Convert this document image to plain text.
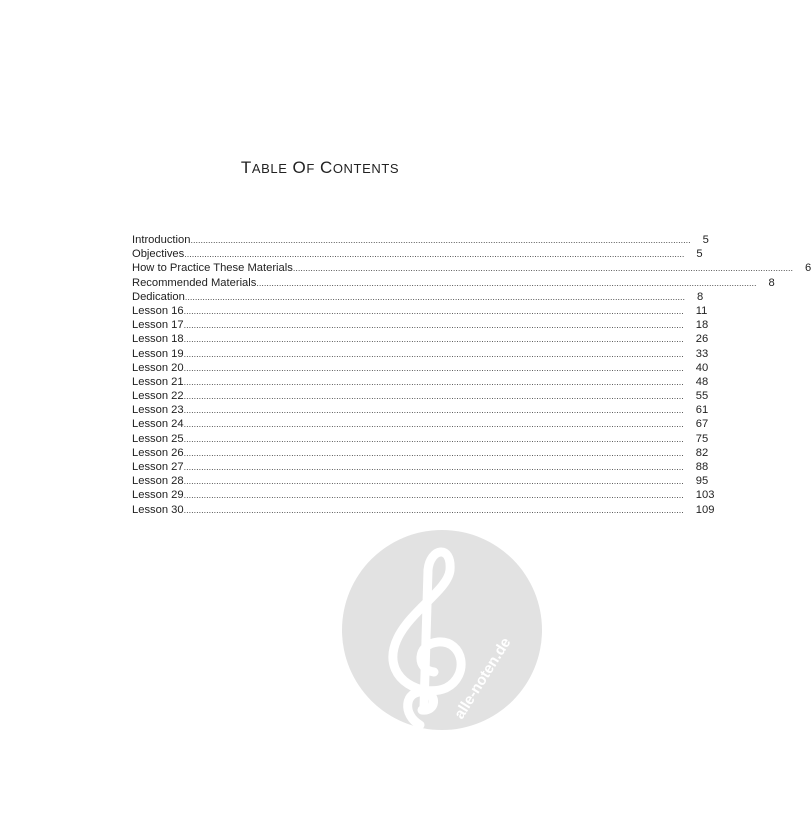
TABLE OF CONTENTS
Introduction ........................................................................................................................................................................................................	5
Objectives ........................................................................................................................................................................................................	5
How to Practice These Materials ........................................................................................................................................................................................................	6
Recommended Materials ........................................................................................................................................................................................................	8
Dedication ........................................................................................................................................................................................................	8
Lesson 16 ........................................................................................................................................................................................................	11
Lesson 17 ........................................................................................................................................................................................................	18
Lesson 18 ........................................................................................................................................................................................................	26
Lesson 19 ........................................................................................................................................................................................................	33
Lesson 20 ........................................................................................................................................................................................................	40
Lesson 21 ........................................................................................................................................................................................................	48
Lesson 22 ........................................................................................................................................................................................................	55
Lesson 23 ........................................................................................................................................................................................................	61
Lesson 24 ........................................................................................................................................................................................................	67
Lesson 25 ........................................................................................................................................................................................................	75
Lesson 26 ........................................................................................................................................................................................................	82
Lesson 27 ........................................................................................................................................................................................................	88
Lesson 28 ........................................................................................................................................................................................................	95
Lesson 29 ........................................................................................................................................................................................................	103
Lesson 30 ........................................................................................................................................................................................................	109
alle-noten.de
